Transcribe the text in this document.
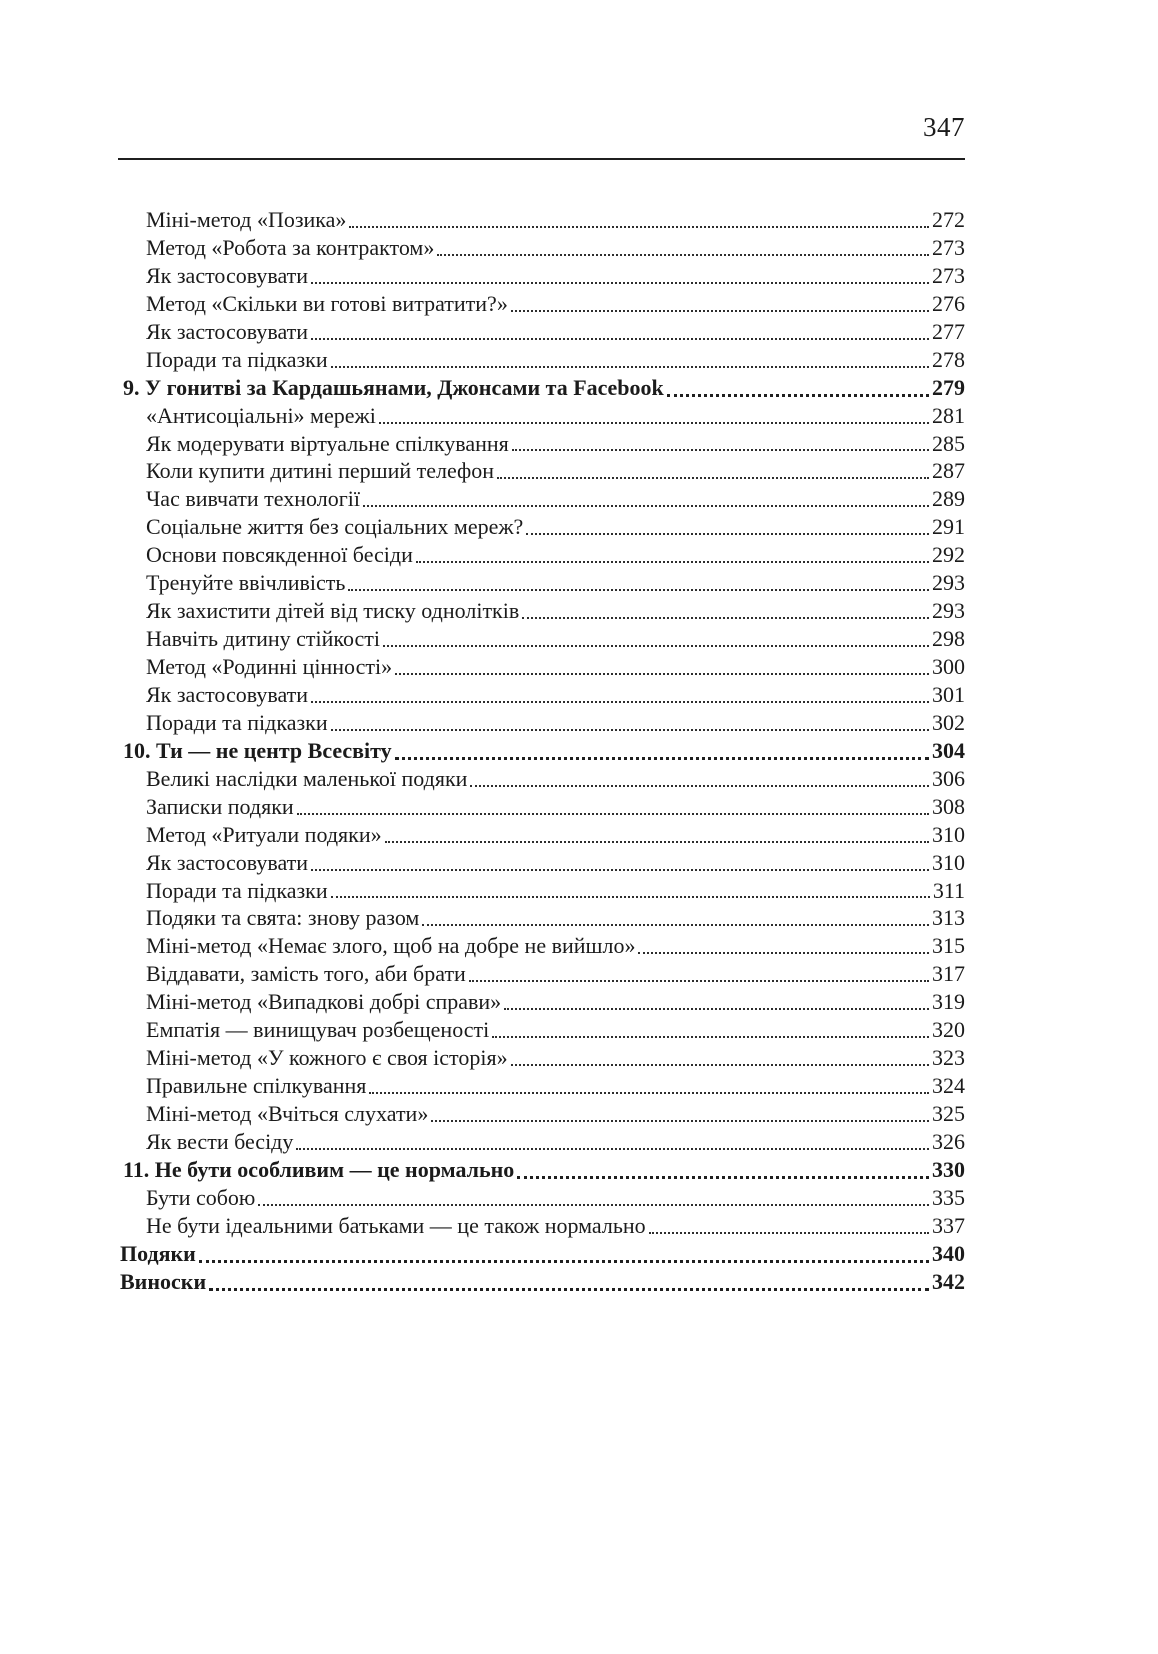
347
Міні-метод «Позика»	272
Метод «Робота за контрактом»	273
Як застосовувати	273
Метод «Скільки ви готові витратити?»	276
Як застосовувати	277
Поради та підказки	278
9. У гонитві за Кардашьянами, Джонсами та Facebook	279
«Антисоціальні» мережі	281
Як модерувати віртуальне спілкування	285
Коли купити дитині перший телефон	287
Час вивчати технології	289
Соціальне життя без соціальних мереж?	291
Основи повсякденної бесіди	292
Тренуйте ввічливість	293
Як захистити дітей від тиску однолітків	293
Навчіть дитину стійкості	298
Метод «Родинні цінності»	300
Як застосовувати	301
Поради та підказки	302
10. Ти — не центр Всесвіту	304
Великі наслідки маленької подяки	306
Записки подяки	308
Метод «Ритуали подяки»	310
Як застосовувати	310
Поради та підказки	311
Подяки та свята: знову разом	313
Міні-метод «Немає злого, щоб на добре не вийшло»	315
Віддавати, замість того, аби брати	317
Міні-метод «Випадкові добрі справи»	319
Емпатія — винищувач розбещеності	320
Міні-метод «У кожного є своя історія»	323
Правильне спілкування	324
Міні-метод «Вчіться слухати»	325
Як вести бесіду	326
11. Не бути особливим — це нормально	330
Бути собою	335
Не бути ідеальними батьками — це також нормально	337
Подяки	340
Виноски	342
